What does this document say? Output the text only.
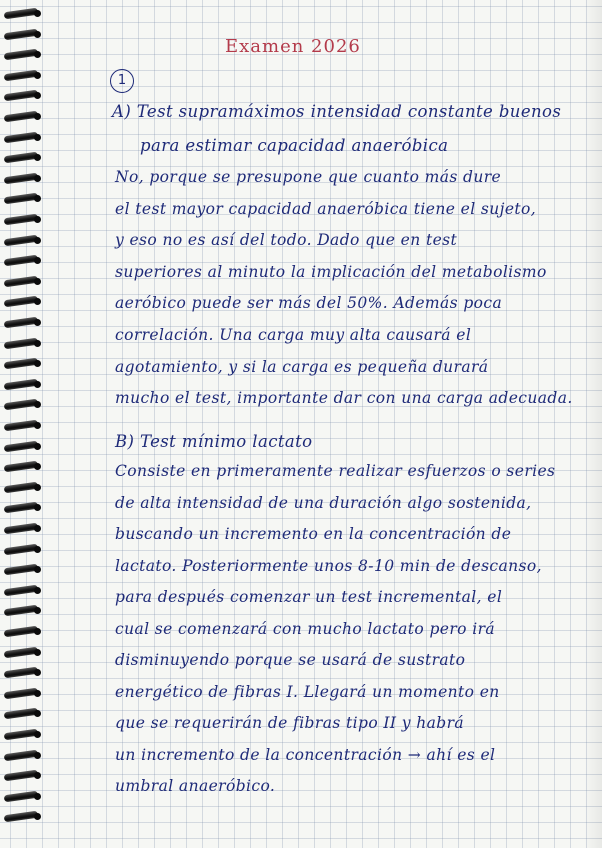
Examen 2026
1
A) Test supramáximos intensidad constante buenos
para estimar capacidad anaeróbica
No, porque se presupone que cuanto más dure
el test mayor capacidad anaeróbica tiene el sujeto,
y eso no es así del todo. Dado que en test
superiores al minuto la implicación del metabolismo
aeróbico puede ser más del 50%. Además poca
correlación. Una carga muy alta causará el
agotamiento, y si la carga es pequeña durará
mucho el test, importante dar con una carga adecuada.
B) Test mínimo lactato
Consiste en primeramente realizar esfuerzos o series
de alta intensidad de una duración algo sostenida,
buscando un incremento en la concentración de
lactato. Posteriormente unos 8-10 min de descanso,
para después comenzar un test incremental, el
cual se comenzará con mucho lactato pero irá
disminuyendo porque se usará de sustrato
energético de fibras I. Llegará un momento en
que se requerirán de fibras tipo II y habrá
un incremento de la concentración → ahí es el
umbral anaeróbico.
